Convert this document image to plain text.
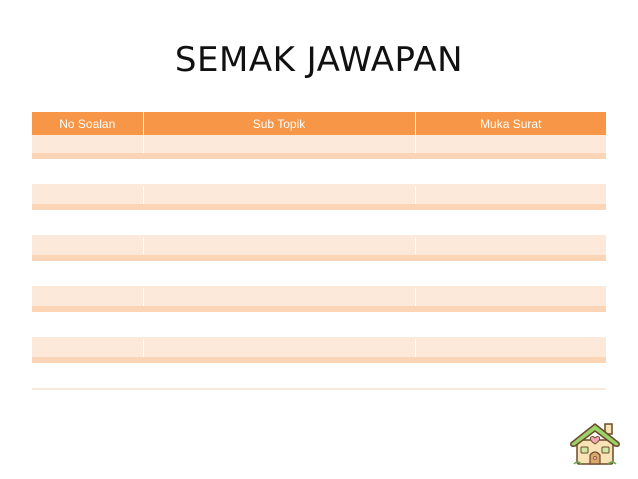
SEMAK JAWAPAN
No Soalan	Sub Topik	Muka Surat
